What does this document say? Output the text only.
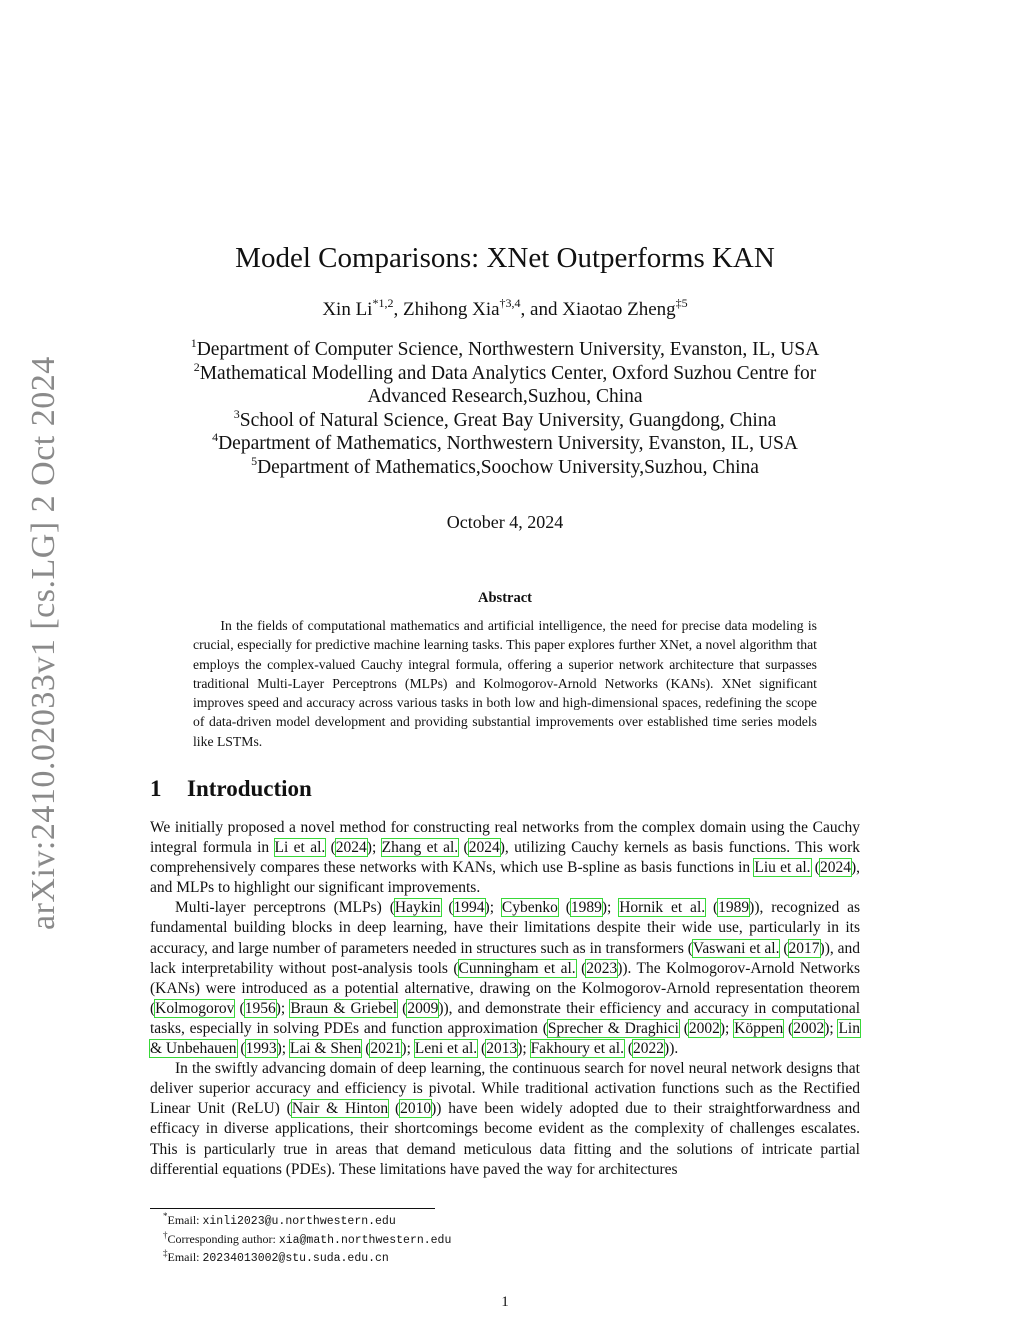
arXiv:2410.02033v1 [cs.LG] 2 Oct 2024
Model Comparisons: XNet Outperforms KAN
Xin Li$^{*1,2}$, Zhihong Xia$^{\dagger 3,4}$, and Xiaotao Zheng$^{\ddagger 5}$
$^1$Department of Computer Science, Northwestern University, Evanston, IL, USA
$^2$Mathematical Modelling and Data Analytics Center, Oxford Suzhou Centre for Advanced Research,Suzhou, China
$^3$School of Natural Science, Great Bay University, Guangdong, China
$^4$Department of Mathematics, Northwestern University, Evanston, IL, USA
$^5$Department of Mathematics,Soochow University,Suzhou, China
October 4, 2024
Abstract
In the fields of computational mathematics and artificial intelligence, the need for precise data modeling is crucial, especially for predictive machine learning tasks. This paper explores further XNet, a novel algorithm that employs the complex-valued Cauchy integral formula, offering a superior network architecture that surpasses traditional Multi-Layer Perceptrons (MLPs) and Kolmogorov-Arnold Networks (KANs). XNet significant improves speed and accuracy across various tasks in both low and high-dimensional spaces, redefining the scope of data-driven model development and providing substantial improvements over established time series models like LSTMs.
1 Introduction

We initially proposed a novel method for constructing real networks from the complex domain using the Cauchy integral formula in Li et al. (2024); Zhang et al. (2024), utilizing Cauchy kernels as basis functions. This work comprehensively compares these networks with KANs, which use B-spline as basis functions in Liu et al. (2024), and MLPs to highlight our significant improvements.

Multi-layer perceptrons (MLPs) (Haykin (1994); Cybenko (1989); Hornik et al. (1989)), recognized as fundamental building blocks in deep learning, have their limitations despite their wide use, particularly in its accuracy, and large number of parameters needed in structures such as in transformers (Vaswani et al. (2017)), and lack interpretability without post-analysis tools (Cunningham et al. (2023)). The Kolmogorov-Arnold Networks (KANs) were introduced as a potential alternative, drawing on the Kolmogorov-Arnold representation theorem (Kolmogorov (1956); Braun & Griebel (2009)), and demonstrate their efficiency and accuracy in computational tasks, especially in solving PDEs and function approximation (Sprecher & Draghici (2002); Köppen (2002); Lin & Unbehauen (1993); Lai & Shen (2021); Leni et al. (2013); Fakhoury et al. (2022)).

In the swiftly advancing domain of deep learning, the continuous search for novel neural network designs that deliver superior accuracy and efficiency is pivotal. While traditional activation functions such as the Rectified Linear Unit (ReLU) (Nair & Hinton (2010)) have been widely adopted due to their straightforwardness and efficacy in diverse applications, their shortcomings become evident as the complexity of challenges escalates. This is particularly true in areas that demand meticulous data fitting and the solutions of intricate partial differential equations (PDEs). These limitations have paved the way for architectures

*Email: xinli2023@u.northwestern.edu
†Corresponding author: xia@math.northwestern.edu
‡Email: 20234013002@stu.suda.edu.cn
1
